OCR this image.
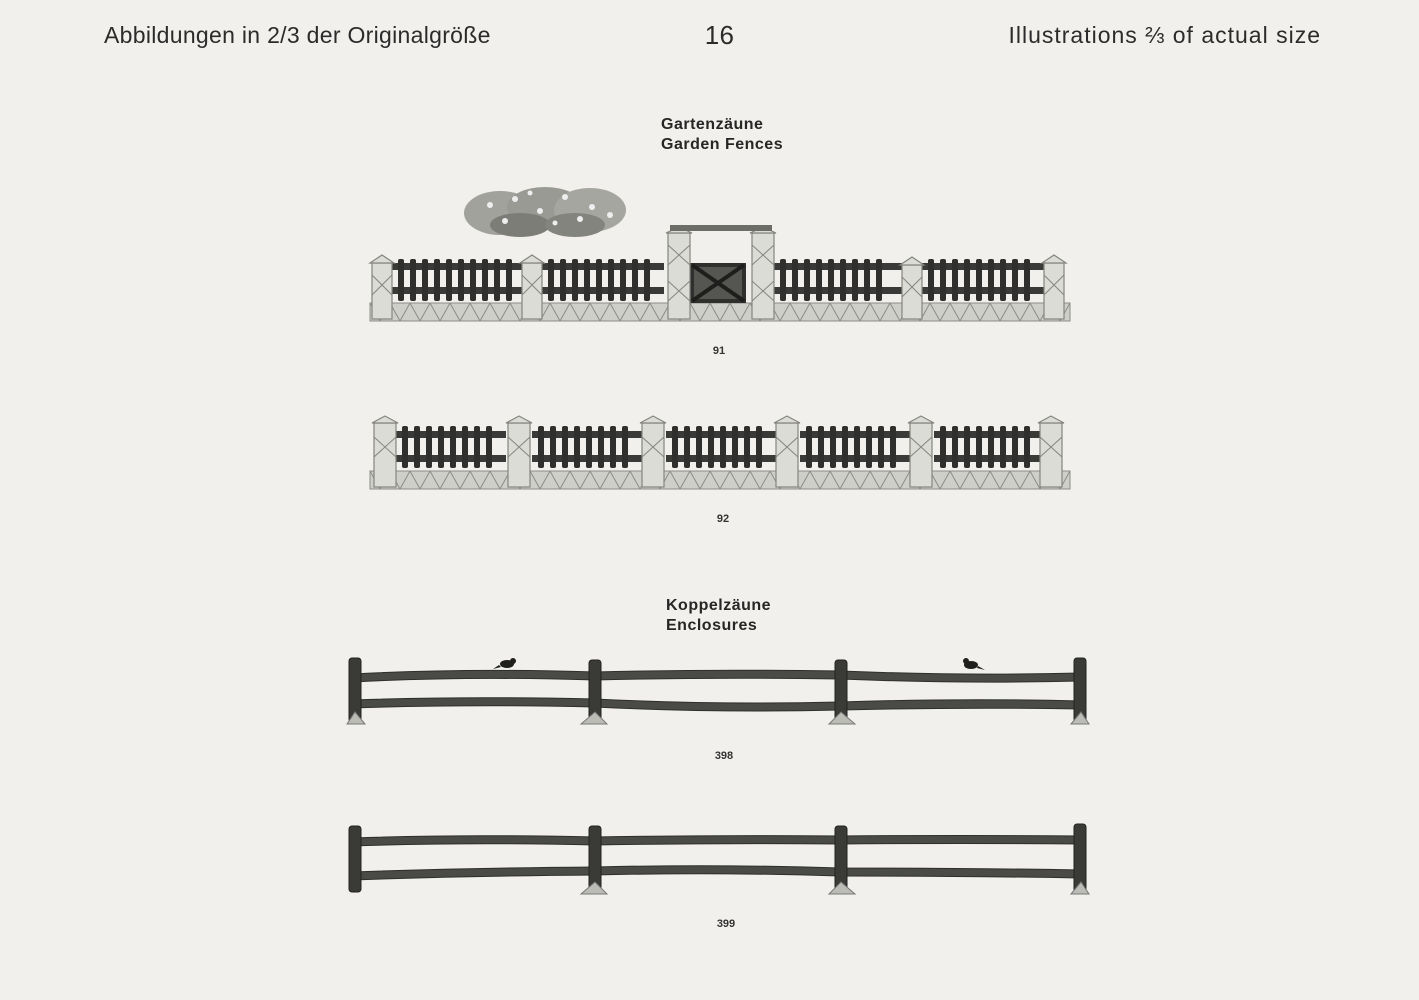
Abbildungen in 2/3 der Originalgröße	16	Illustrations ⅔ of actual size
Gartenzäune
Garden Fences
91
92
Koppelzäune
Enclosures
398
399
